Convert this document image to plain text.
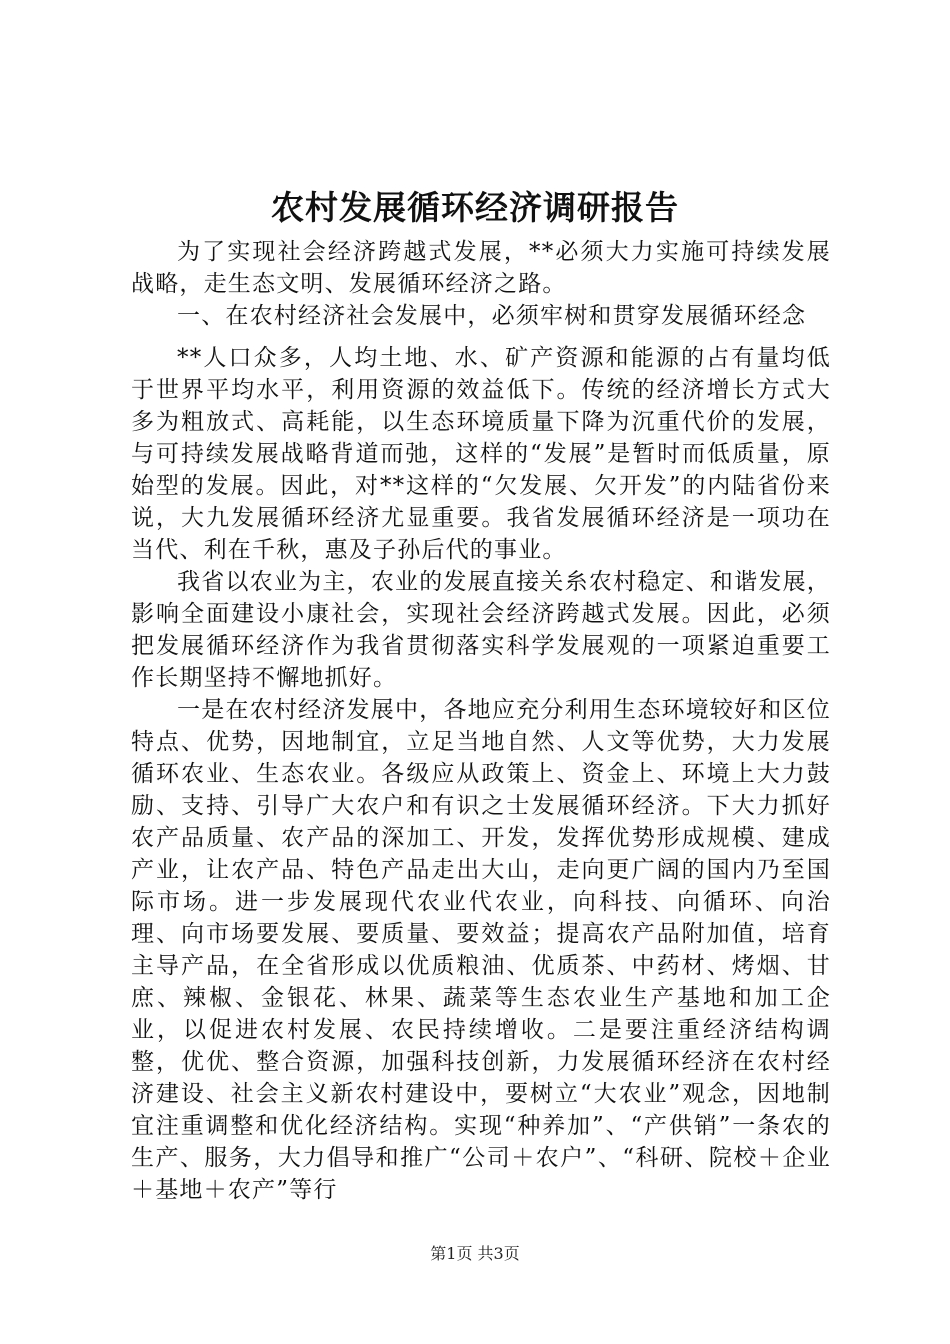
农村发展循环经济调研报告

为了实现社会经济跨越式发展，**必须大力实施可持续发展战略，走生态文明、发展循环经济之路。

一、在农村经济社会发展中，必须牢树和贯穿发展循环经念

**人口众多，人均土地、水、矿产资源和能源的占有量均低于世界平均水平，利用资源的效益低下。传统的经济增长方式大多为粗放式、高耗能，以生态环境质量下降为沉重代价的发展，与可持续发展战略背道而弛，这样的“发展”是暂时而低质量，原始型的发展。因此，对**这样的“欠发展、欠开发”的内陆省份来说，大九发展循环经济尤显重要。我省发展循环经济是一项功在当代、利在千秋，惠及子孙后代的事业。

我省以农业为主，农业的发展直接关糸农村稳定、和谐发展，影响全面建设小康社会，实现社会经济跨越式发展。因此，必须把发展循环经济作为我省贯彻落实科学发展观的一项紧迫重要工作长期坚持不懈地抓好。

一是在农村经济发展中，各地应充分利用生态环境较好和区位特点、优势，因地制宜，立足当地自然、人文等优势，大力发展循环农业、生态农业。各级应从政策上、资金上、环境上大力鼓励、支持、引导广大农户和有识之士发展循环经济。下大力抓好农产品质量、农产品的深加工、开发，发挥优势形成规模、建成产业，让农产品、特色产品走出大山，走向更广阔的国内乃至国际市场。进一步发展现代农业代农业，向科技、向循环、向治理、向市场要发展、要质量、要效益；提高农产品附加值，培育主导产品，在全省形成以优质粮油、优质茶、中药材、烤烟、甘庶、辣椒、金银花、林果、蔬菜等生态农业生产基地和加工企业，以促进农村发展、农民持续增收。二是要注重经济结构调整，优优、整合资源，加强科技创新，力发展循环经济在农村经济建设、社会主义新农村建设中，要树立“大农业”观念，因地制宜注重调整和优化经济结构。实现“种养加”、“产供销”一条农的生产、服务，大力倡导和推广“公司＋农户”、“科研、院校＋企业＋基地＋农产”等行

第1页 共3页
